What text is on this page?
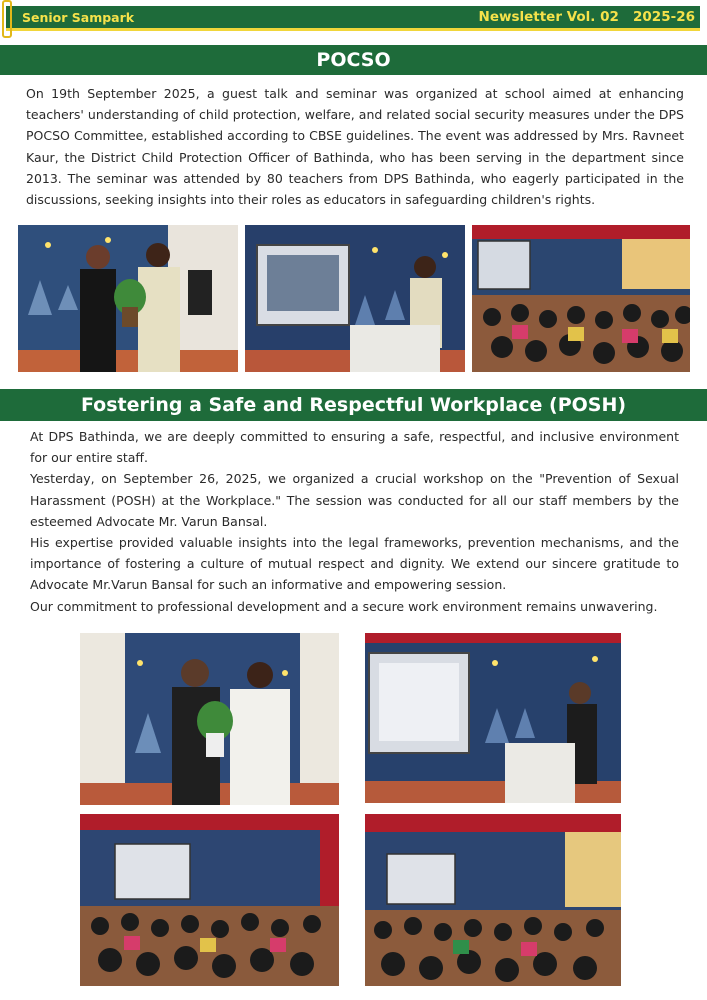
Senior Sampark	Newsletter Vol. 02   2025-26
POCSO
On 19th September 2025, a guest talk and seminar was organized at school aimed at enhancing teachers' understanding of child protection, welfare, and related social security measures under the DPS POCSO Committee, established according to CBSE guidelines. The event was addressed by Mrs. Ravneet Kaur, the District Child Protection Officer of Bathinda, who has been serving in the department since 2013. The seminar was attended by 80 teachers from DPS Bathinda, who eagerly participated in the discussions, seeking insights into their roles as educators in safeguarding children's rights.
Fostering a Safe and Respectful Workplace (POSH)

At DPS Bathinda, we are deeply committed to ensuring a safe, respectful, and inclusive environment for our entire staff.

Yesterday, on September 26, 2025, we organized a crucial workshop on the "Prevention of Sexual Harassment (POSH) at the Workplace." The session was conducted for all our staff members by the esteemed Advocate Mr. Varun Bansal.

His expertise provided valuable insights into the legal frameworks, prevention mechanisms, and the importance of fostering a culture of mutual respect and dignity. We extend our sincere gratitude to Advocate Mr.Varun Bansal for such an informative and empowering session.

Our commitment to professional development and a secure work environment remains unwavering.
